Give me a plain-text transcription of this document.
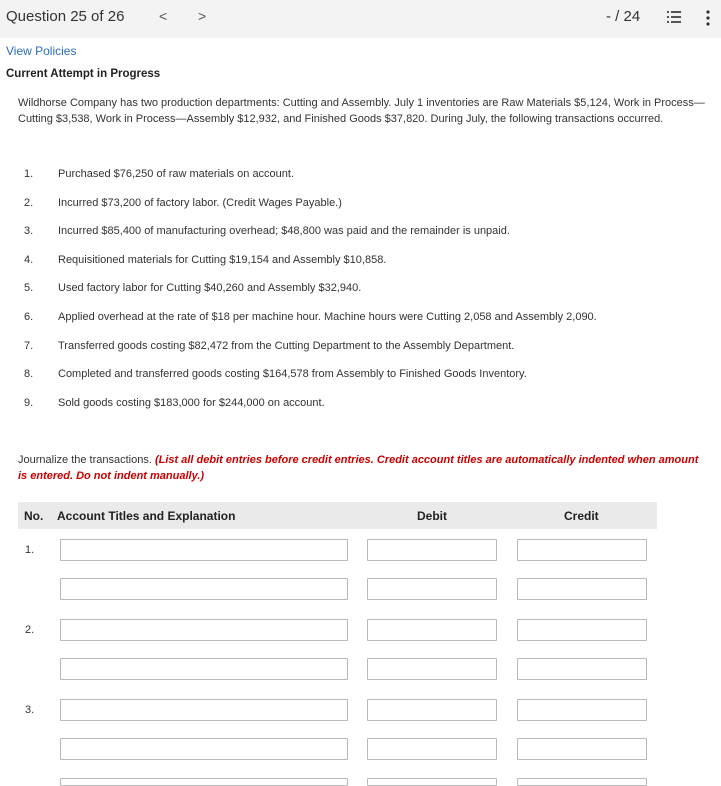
Question 25 of 26 < >	- / 24
View Policies
Current Attempt in Progress
Wildhorse Company has two production departments: Cutting and Assembly. July 1 inventories are Raw Materials $5,124, Work in Process—Cutting $3,538, Work in Process—Assembly $12,932, and Finished Goods $37,820. During July, the following transactions occurred.
1.	Purchased $76,250 of raw materials on account.
2.	Incurred $73,200 of factory labor. (Credit Wages Payable.)
3.	Incurred $85,400 of manufacturing overhead; $48,800 was paid and the remainder is unpaid.
4.	Requisitioned materials for Cutting $19,154 and Assembly $10,858.
5.	Used factory labor for Cutting $40,260 and Assembly $32,940.
6.	Applied overhead at the rate of $18 per machine hour. Machine hours were Cutting 2,058 and Assembly 2,090.
7.	Transferred goods costing $82,472 from the Cutting Department to the Assembly Department.
8.	Completed and transferred goods costing $164,578 from Assembly to Finished Goods Inventory.
9.	Sold goods costing $183,000 for $244,000 on account.
Journalize the transactions. (List all debit entries before credit entries. Credit account titles are automatically indented when amount is entered. Do not indent manually.)
No. Account Titles and Explanation	Debit	Credit
1.
2.
3.
